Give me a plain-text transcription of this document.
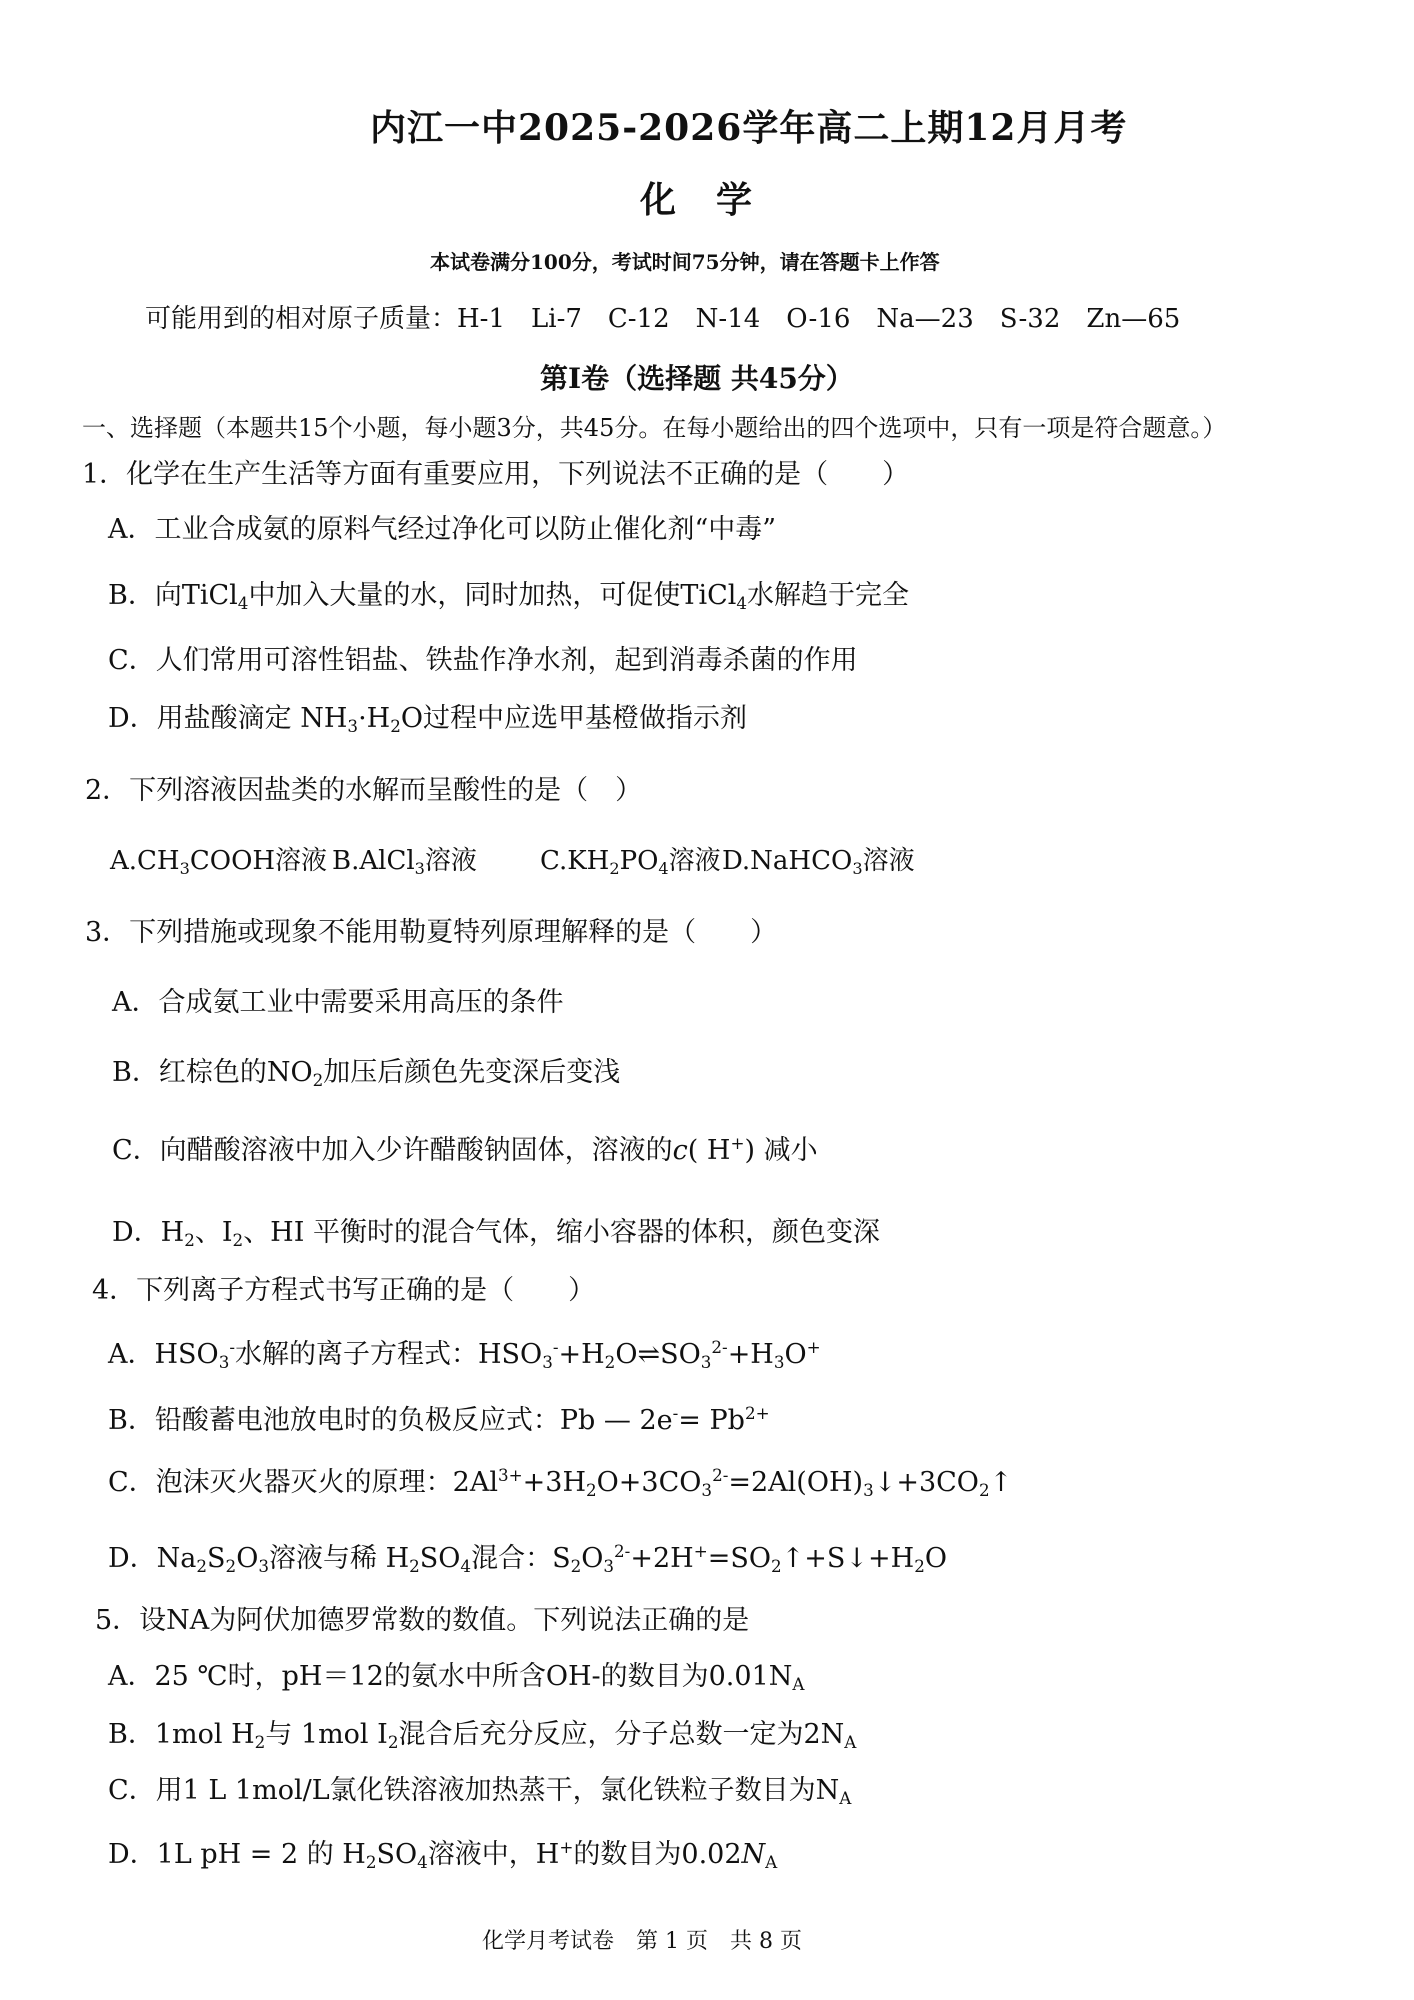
内江一中2025-2026学年高二上期12月月考
化学
本试卷满分100分，考试时间75分钟，请在答题卡上作答
可能用到的相对原子质量：H-1　Li-7　C-12　N-14　O-16　Na—23　S-32　Zn—65
第Ⅰ卷（选择题 共45分）
一、选择题（本题共15个小题，每小题3分，共45分。在每小题给出的四个选项中，只有一项是符合题意。）
1．化学在生产生活等方面有重要应用，下列说法不正确的是（　　）
A．工业合成氨的原料气经过净化可以防止催化剂“中毒”
B．向TiCl$_4$中加入大量的水，同时加热，可促使TiCl$_4$水解趋于完全
C．人们常用可溶性铝盐、铁盐作净水剂，起到消毒杀菌的作用
D．用盐酸滴定 $NH_3\cdot H_2O$过程中应选甲基橙做指示剂
2．下列溶液因盐类的水解而呈酸性的是（　）
$A.CH_3COOH$溶液 B.AlCl$_3$溶液 $C.KH_2PO_4$溶液 D.NaHCO$_3$溶液
3．下列措施或现象不能用勒夏特列原理解释的是（　　）
A．合成氨工业中需要采用高压的条件
B．红棕色的$NO_2$加压后颜色先变深后变浅
C．向醋酸溶液中加入少许醋酸钠固体，溶液的c( H+) 减小
D．$H_2$、$I_2$、HI 平衡时的混合气体，缩小容器的体积，颜色变深
4．下列离子方程式书写正确的是（　　）
A．$HSO_3^-$水解的离子方程式：$HSO_3^-+H_2O\rightleftharpoons SO_3^{2-}+H_3O^+$
B．铅酸蓄电池放电时的负极反应式：Pb — $2e^-= Pb^{2+}$
C．泡沫灭火器灭火的原理：$2Al^{3+}+3H_2O+3CO_3^{2-}=2Al(OH)_3↓+3CO_2↑$
D．$Na_2S_2O_3$溶液与稀 $H_2SO_4$混合：$S_2O_3^{2-}+2H^+=SO_2↑+S↓+H_2O$
5．设NA为阿伏加德罗常数的数值。下列说法正确的是
A．25 ℃时，pH＝12的氨水中所含OH-的数目为$0.01N_A$
B．1mol $H_2$与 1mol $I_2$混合后充分反应，分子总数一定为$2N_A$
C．用1 L 1mol/L氯化铁溶液加热蒸干，氯化铁粒子数目为$N_A$
D．1L pH = 2 的 $H_2SO_4$溶液中，H+的数目为$0.02N_A$
化学月考试卷　第 1 页　共 8 页
